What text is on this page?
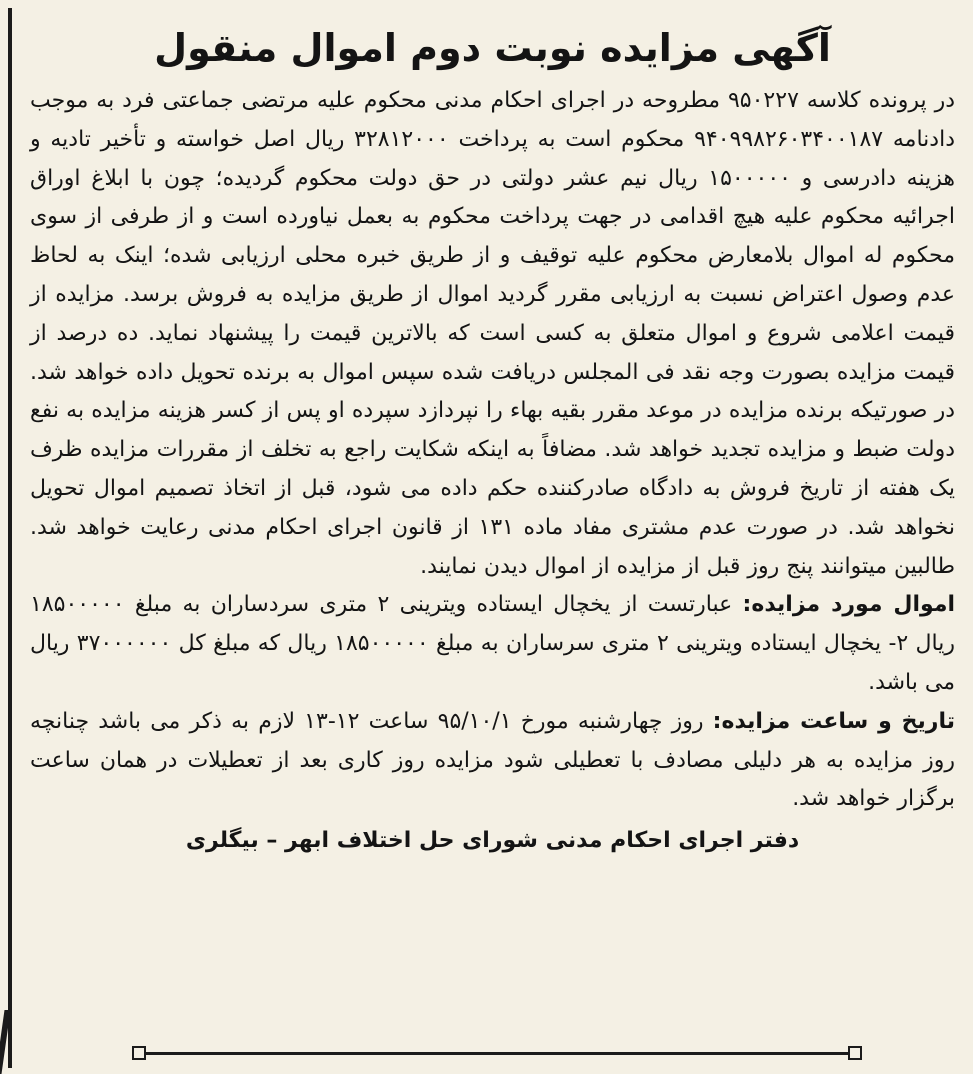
آگهی مزایده نوبت دوم اموال منقول

در پرونده کلاسه ۹۵۰۲۲۷ مطروحه در اجرای احکام مدنی محکوم علیه مرتضی جماعتی فرد به موجب دادنامه ۹۴۰۹۹۸۲۶۰۳۴۰۰۱۸۷ محکوم است به پرداخت ۳۲۸۱۲۰۰۰ ریال اصل خواسته و تأخیر تادیه و هزینه دادرسی و ۱۵۰۰۰۰۰ ریال نیم عشر دولتی در حق دولت محکوم گردیده؛ چون با ابلاغ اوراق اجرائیه محکوم علیه هیچ اقدامی در جهت پرداخت محکوم به بعمل نیاورده است و از طرفی از سوی محکوم له اموال بلامعارض محکوم علیه توقیف و از طریق خبره محلی ارزیابی شده؛ اینک به لحاظ عدم وصول اعتراض نسبت به ارزیابی مقرر گردید اموال از طریق مزایده به فروش برسد. مزایده از قیمت اعلامی شروع و اموال متعلق به کسی است که بالاترین قیمت را پیشنهاد نماید. ده درصد از قیمت مزایده بصورت وجه نقد فی المجلس دریافت شده سپس اموال به برنده تحویل داده خواهد شد. در صورتیکه برنده مزایده در موعد مقرر بقیه بهاء را نپردازد سپرده او پس از کسر هزینه مزایده به نفع دولت ضبط و مزایده تجدید خواهد شد. مضافاً به اینکه شکایت راجع به تخلف از مقررات مزایده ظرف یک هفته از تاریخ فروش به دادگاه صادرکننده حکم داده می شود، قبل از اتخاذ تصمیم اموال تحویل نخواهد شد. در صورت عدم مشتری مفاد ماده ۱۳۱ از قانون اجرای احکام مدنی رعایت خواهد شد. طالبین میتوانند پنج روز قبل از مزایده از اموال دیدن نمایند.

اموال مورد مزایده: عبارتست از یخچال ایستاده ویترینی ۲ متری سردساران به مبلغ ۱۸۵۰۰۰۰۰ ریال ۲- یخچال ایستاده ویترینی ۲ متری سرساران به مبلغ ۱۸۵۰۰۰۰۰ ریال که مبلغ کل ۳۷۰۰۰۰۰۰ ریال می باشد.

تاریخ و ساعت مزایده: روز چهارشنبه مورخ ۹۵/۱۰/۱ ساعت ۱۲-۱۳ لازم به ذکر می باشد چنانچه روز مزایده به هر دلیلی مصادف با تعطیلی شود مزایده روز کاری بعد از تعطیلات در همان ساعت برگزار خواهد شد.

دفتر اجرای احکام مدنی شورای حل اختلاف ابهر – بیگلری
